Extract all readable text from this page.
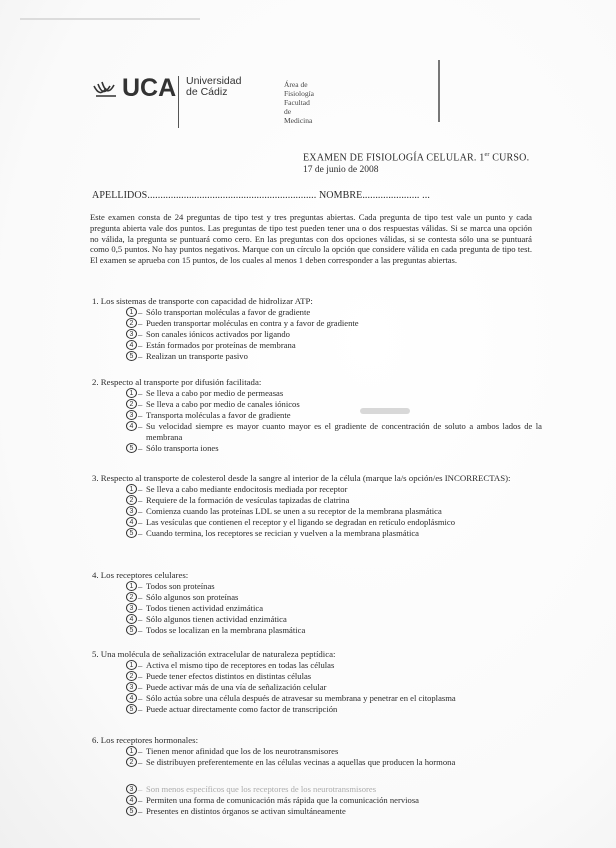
UCA Universidad
de Cádiz
Área de Fisiología
Facultad de Medicina
EXAMEN DE FISIOLOGÍA CELULAR. 1er CURSO.
17 de junio de 2008
APELLIDOS................................................................. NOMBRE...................... ...
Este examen consta de 24 preguntas de tipo test y tres preguntas abiertas. Cada pregunta de tipo test vale un punto y cada pregunta abierta vale dos puntos. Las preguntas de tipo test pueden tener una o dos respuestas válidas. Si se marca una opción no válida, la pregunta se puntuará como cero. En las preguntas con dos opciones válidas, si se contesta sólo una se puntuará como 0,5 puntos. No hay puntos negativos. Marque con un círculo la opción que considere válida en cada pregunta de tipo test. El examen se aprueba con 15 puntos, de los cuales al menos 1 deben corresponder a las preguntas abiertas.
1. Los sistemas de transporte con capacidad de hidrolizar ATP:
1 – Sólo transportan moléculas a favor de gradiente
2 – Pueden transportar moléculas en contra y a favor de gradiente
3 – Son canales iónicos activados por ligando
4 – Están formados por proteínas de membrana
5 – Realizan un transporte pasivo
2. Respecto al transporte por difusión facilitada:
1 – Se lleva a cabo por medio de permeasas
2 – Se lleva a cabo por medio de canales iónicos
3 – Transporta moléculas a favor de gradiente
4 – Su velocidad siempre es mayor cuanto mayor es el gradiente de concentración de soluto a ambos lados de la membrana
5 – Sólo transporta iones
3. Respecto al transporte de colesterol desde la sangre al interior de la célula (marque la/s opción/es INCORRECTAS):
1 – Se lleva a cabo mediante endocitosis mediada por receptor
2 – Requiere de la formación de vesículas tapizadas de clatrina
3 – Comienza cuando las proteínas LDL se unen a su receptor de la membrana plasmática
4 – Las vesículas que contienen el receptor y el ligando se degradan en retículo endoplásmico
5 – Cuando termina, los receptores se recician y vuelven a la membrana plasmática
4. Los receptores celulares:
1 – Todos son proteínas
2 – Sólo algunos son proteínas
3 – Todos tienen actividad enzimática
4 – Sólo algunos tienen actividad enzimática
5 – Todos se localizan en la membrana plasmática
5. Una molécula de señalización extracelular de naturaleza peptídica:
1 – Activa el mismo tipo de receptores en todas las células
2 – Puede tener efectos distintos en distintas células
3 – Puede activar más de una vía de señalización celular
4 – Sólo actúa sobre una célula después de atravesar su membrana y penetrar en el citoplasma
5 – Puede actuar directamente como factor de transcripción
6. Los receptores hormonales:
1 – Tienen menor afinidad que los de los neurotransmisores
2 – Se distribuyen preferentemente en las células vecinas a aquellas que producen la hormona
3 – Son menos específicos que los receptores de los neurotransmisores
4 – Permiten una forma de comunicación más rápida que la comunicación nerviosa
5 – Presentes en distintos órganos se activan simultáneamente
